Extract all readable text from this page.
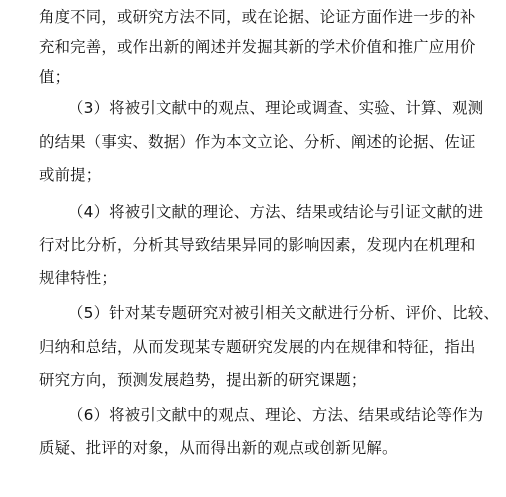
角度不同，或研究方法不同，或在论据、论证方面作进一步的补
充和完善，或作出新的阐述并发掘其新的学术价值和推广应用价
值；
（3）将被引文献中的观点、理论或调查、实验、计算、观测
的结果（事实、数据）作为本文立论、分析、阐述的论据、佐证
或前提；
（4）将被引文献的理论、方法、结果或结论与引证文献的进
行对比分析，分析其导致结果异同的影响因素，发现内在机理和
规律特性；
（5）针对某专题研究对被引相关文献进行分析、评价、比较、
归纳和总结，从而发现某专题研究发展的内在规律和特征，指出
研究方向，预测发展趋势，提出新的研究课题；
（6）将被引文献中的观点、理论、方法、结果或结论等作为
质疑、批评的对象，从而得出新的观点或创新见解。
